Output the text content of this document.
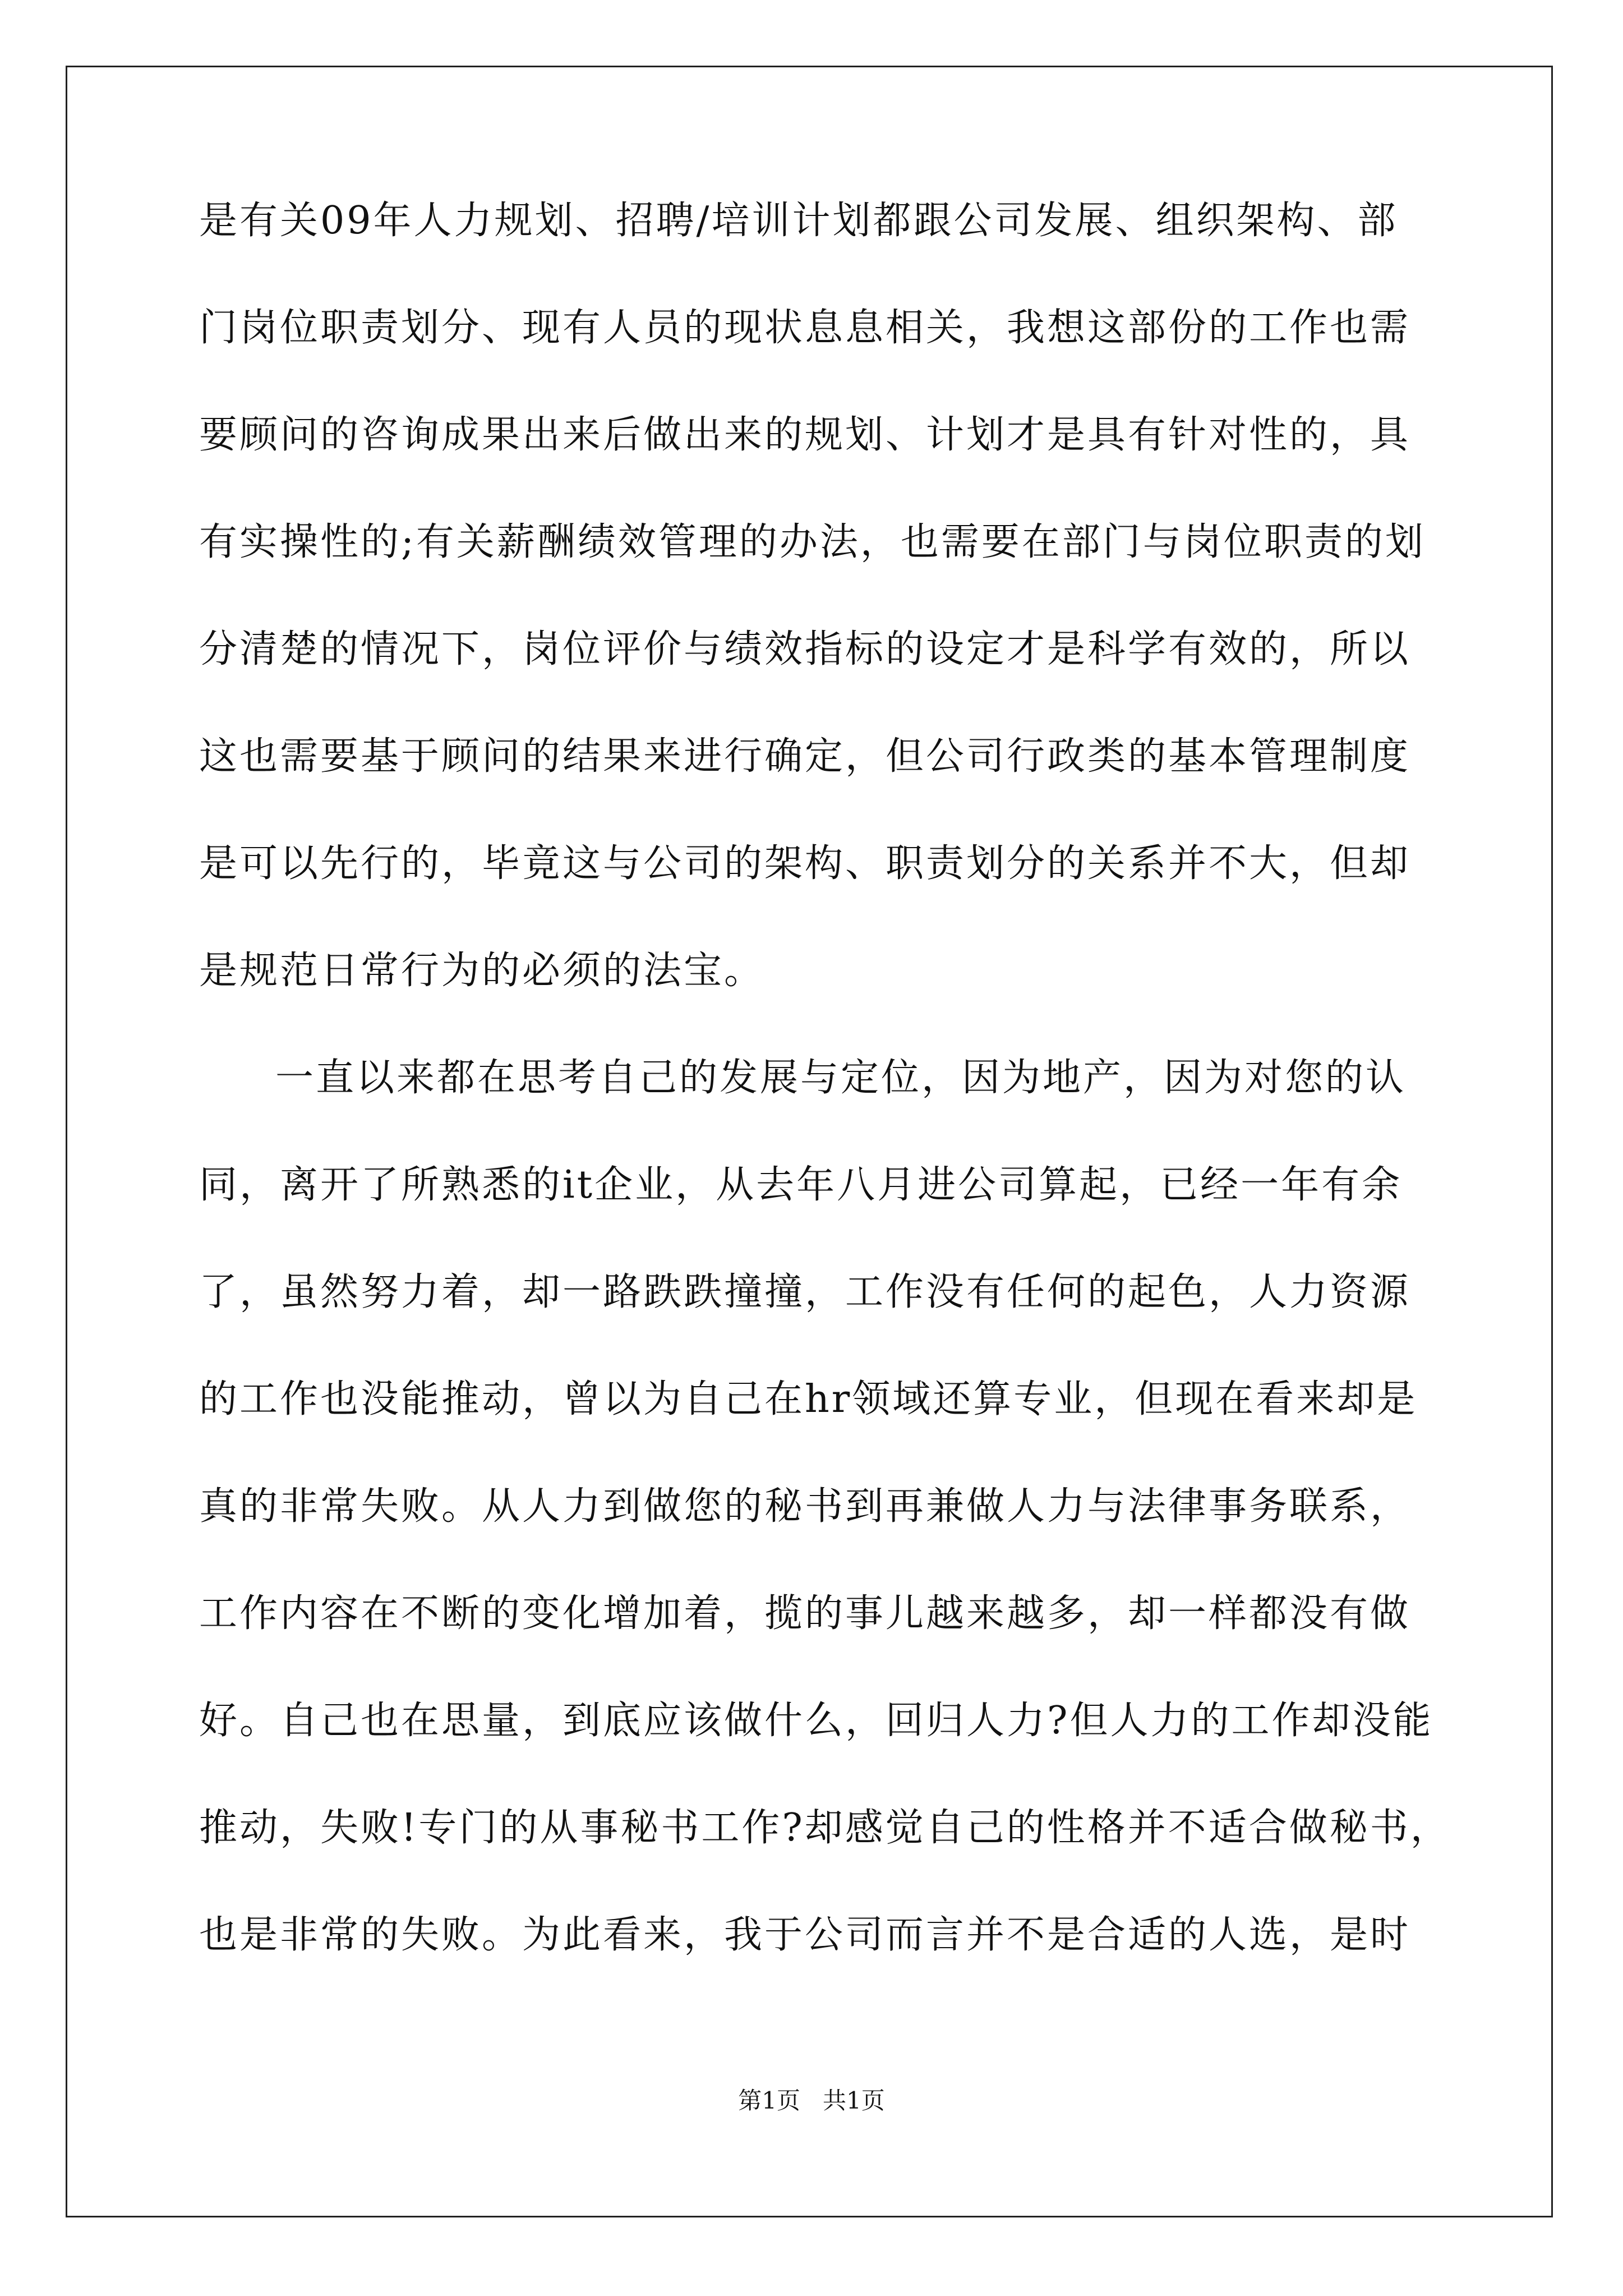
是有关09年人力规划、招聘/培训计划都跟公司发展、组织架构、部
门岗位职责划分、现有人员的现状息息相关，我想这部份的工作也需
要顾问的咨询成果出来后做出来的规划、计划才是具有针对性的，具
有实操性的;有关薪酬绩效管理的办法，也需要在部门与岗位职责的划
分清楚的情况下，岗位评价与绩效指标的设定才是科学有效的，所以
这也需要基于顾问的结果来进行确定，但公司行政类的基本管理制度
是可以先行的，毕竟这与公司的架构、职责划分的关系并不大，但却
是规范日常行为的必须的法宝。
一直以来都在思考自己的发展与定位，因为地产，因为对您的认
同，离开了所熟悉的it企业，从去年八月进公司算起，已经一年有余
了，虽然努力着，却一路跌跌撞撞，工作没有任何的起色，人力资源
的工作也没能推动，曾以为自己在hr领域还算专业，但现在看来却是
真的非常失败。从人力到做您的秘书到再兼做人力与法律事务联系，
工作内容在不断的变化增加着，揽的事儿越来越多，却一样都没有做
好。自己也在思量，到底应该做什么，回归人力?但人力的工作却没能
推动，失败!专门的从事秘书工作?却感觉自己的性格并不适合做秘书，
也是非常的失败。为此看来，我于公司而言并不是合适的人选，是时
第1页   共1页
